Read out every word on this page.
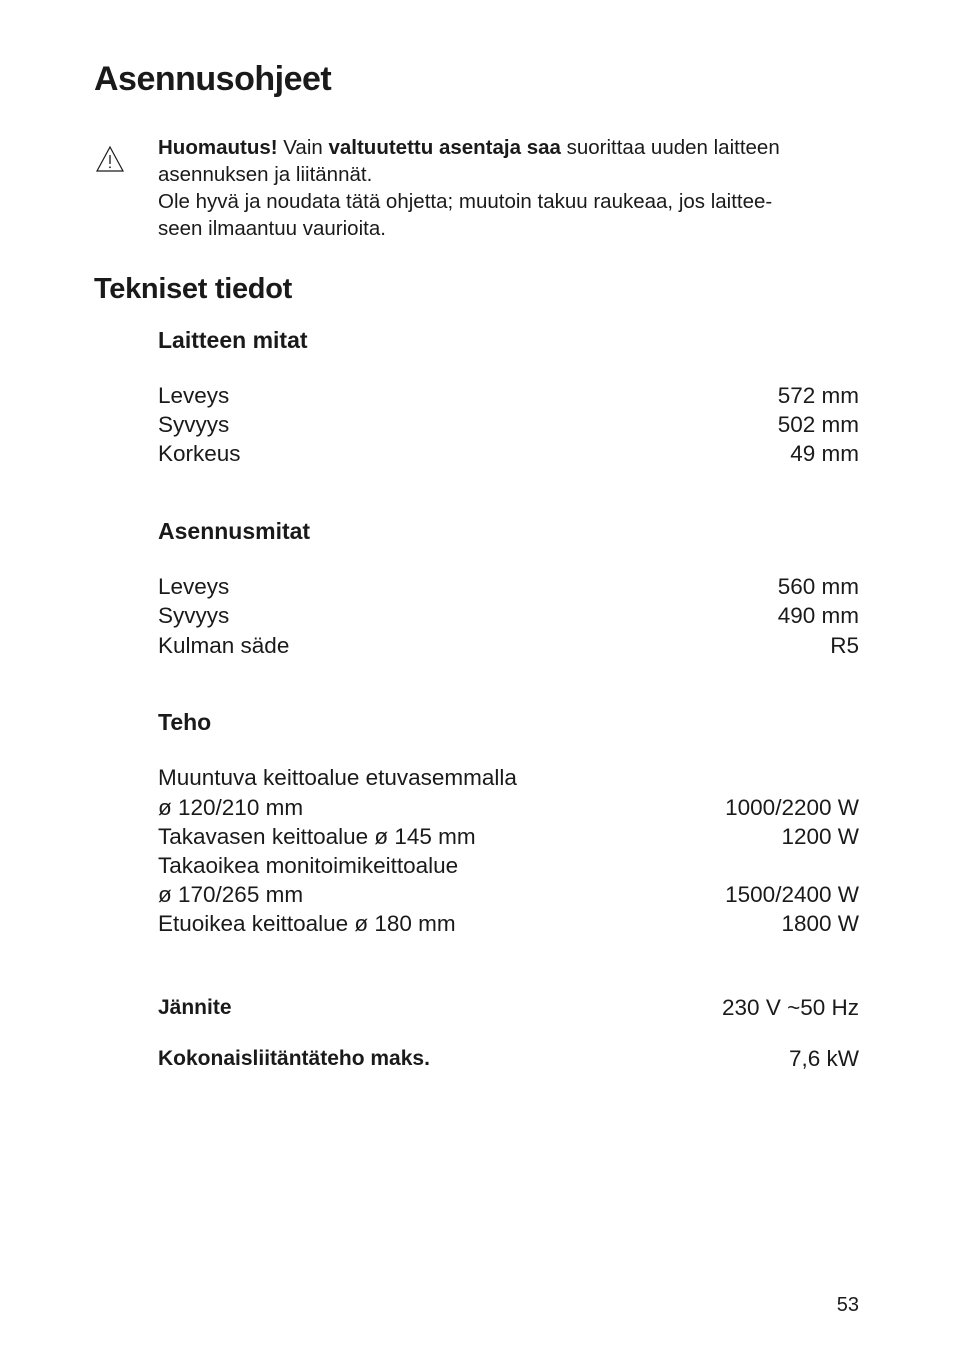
Asennusohjeet

Huomautus! Vain valtuutettu asentaja saa suorittaa uuden laitteen

asennuksen ja liitännät.

Ole hyvä ja noudata tätä ohjetta; muutoin takuu raukeaa, jos laittee-

seen ilmaantuu vaurioita.

Tekniset tiedot
Laitteen mitat
Leveys	572 mm
Syvyys	502 mm
Korkeus	49 mm
Asennusmitat
Leveys	560 mm
Syvyys	490 mm
Kulman säde	R5
Teho
Muuntuva keittoalue etuvasemmalla
ø 120/210 mm	1000/2200 W
Takavasen keittoalue ø 145 mm	1200 W
Takaoikea monitoimikeittoalue
ø 170/265 mm	1500/2400 W
Etuoikea keittoalue ø 180 mm	1800 W
Jännite	230 V ~50 Hz
Kokonaisliitäntäteho maks.	7,6 kW
53
